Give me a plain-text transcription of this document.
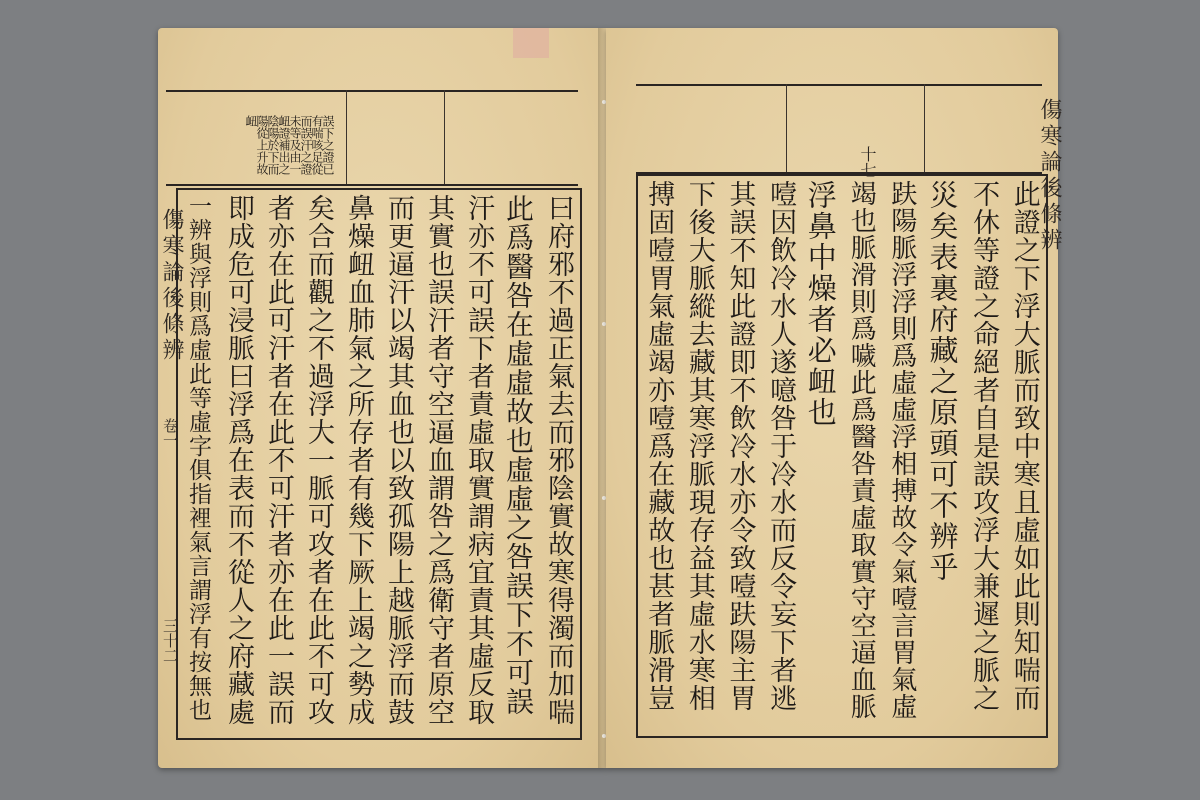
誤下之證已
有喘咳足從
而誤汗之證
未等及由一
衄證補出之
陰陽於下而
陽從上升故
衄

曰府邪不過正氣去而邪陰實故寒得濁而加喘
此爲醫咎在虛虛故也虛虛之咎誤下不可誤
汗亦不可誤下者責虛取實謂病宜責其虛反取
其實也誤汗者守空逼血謂咎之爲衛守者原空
而更逼汗以竭其血也以致孤陽上越脈浮而鼓
鼻燥衄血肺氣之所存者有幾下厥上竭之勢成
矣合而觀之不過浮大一脈可攻者在此不可攻
者亦在此可汗者在此不可汗者亦在此一誤而
即成危可浸脈曰浮爲在表而不從人之府藏處
一辨與浮則爲虛此等虛字俱指裡氣言謂浮有按無也
傷寒論後條辨
卷一
三十二
十七
此證之下浮大脈而致中寒且虛如此則知喘而
不休等證之命絕者自是誤攻浮大兼遲之脈之
災矣表裏府藏之原頭可不辨乎
趺陽脈浮浮則爲虛虛浮相搏故令氣噎言胃氣虛
竭也脈滑則爲噦此爲醫咎責虛取實守空逼血脈
浮鼻中燥者必衄也
噎因飲冷水人遂噫咎于冷水而反令妄下者逃
其誤不知此證即不飲冷水亦令致噎趺陽主胃
下後大脈縱去藏其寒浮脈現存益其虛水寒相
搏固噎胃氣虛竭亦噎爲在藏故也甚者脈滑豈
傷寒論後條辨
